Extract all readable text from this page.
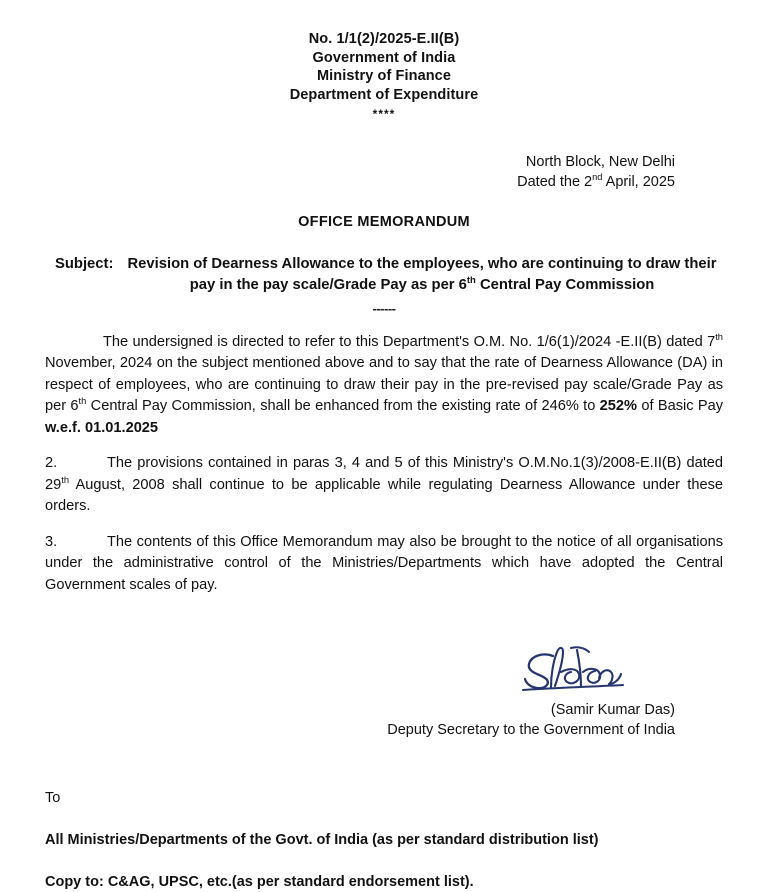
No. 1/1(2)/2025-E.II(B)
Government of India
Ministry of Finance
Department of Expenditure
****
North Block, New Delhi
Dated the 2nd April, 2025
OFFICE MEMORANDUM
Subject: Revision of Dearness Allowance to the employees, who are continuing to draw their pay in the pay scale/Grade Pay as per 6th Central Pay Commission
------
The undersigned is directed to refer to this Department's O.M. No. 1/6(1)/2024 -E.II(B) dated 7th November, 2024 on the subject mentioned above and to say that the rate of Dearness Allowance (DA) in respect of employees, who are continuing to draw their pay in the pre-revised pay scale/Grade Pay as per 6th Central Pay Commission, shall be enhanced from the existing rate of 246% to 252% of Basic Pay w.e.f. 01.01.2025
2.	The provisions contained in paras 3, 4 and 5 of this Ministry's O.M.No.1(3)/2008-E.II(B) dated 29th August, 2008 shall continue to be applicable while regulating Dearness Allowance under these orders.
3.	The contents of this Office Memorandum may also be brought to the notice of all organisations under the administrative control of the Ministries/Departments which have adopted the Central Government scales of pay.
(Samir Kumar Das)
Deputy Secretary to the Government of India
To
All Ministries/Departments of the Govt. of India (as per standard distribution list)
Copy to: C&AG, UPSC, etc.(as per standard endorsement list).
